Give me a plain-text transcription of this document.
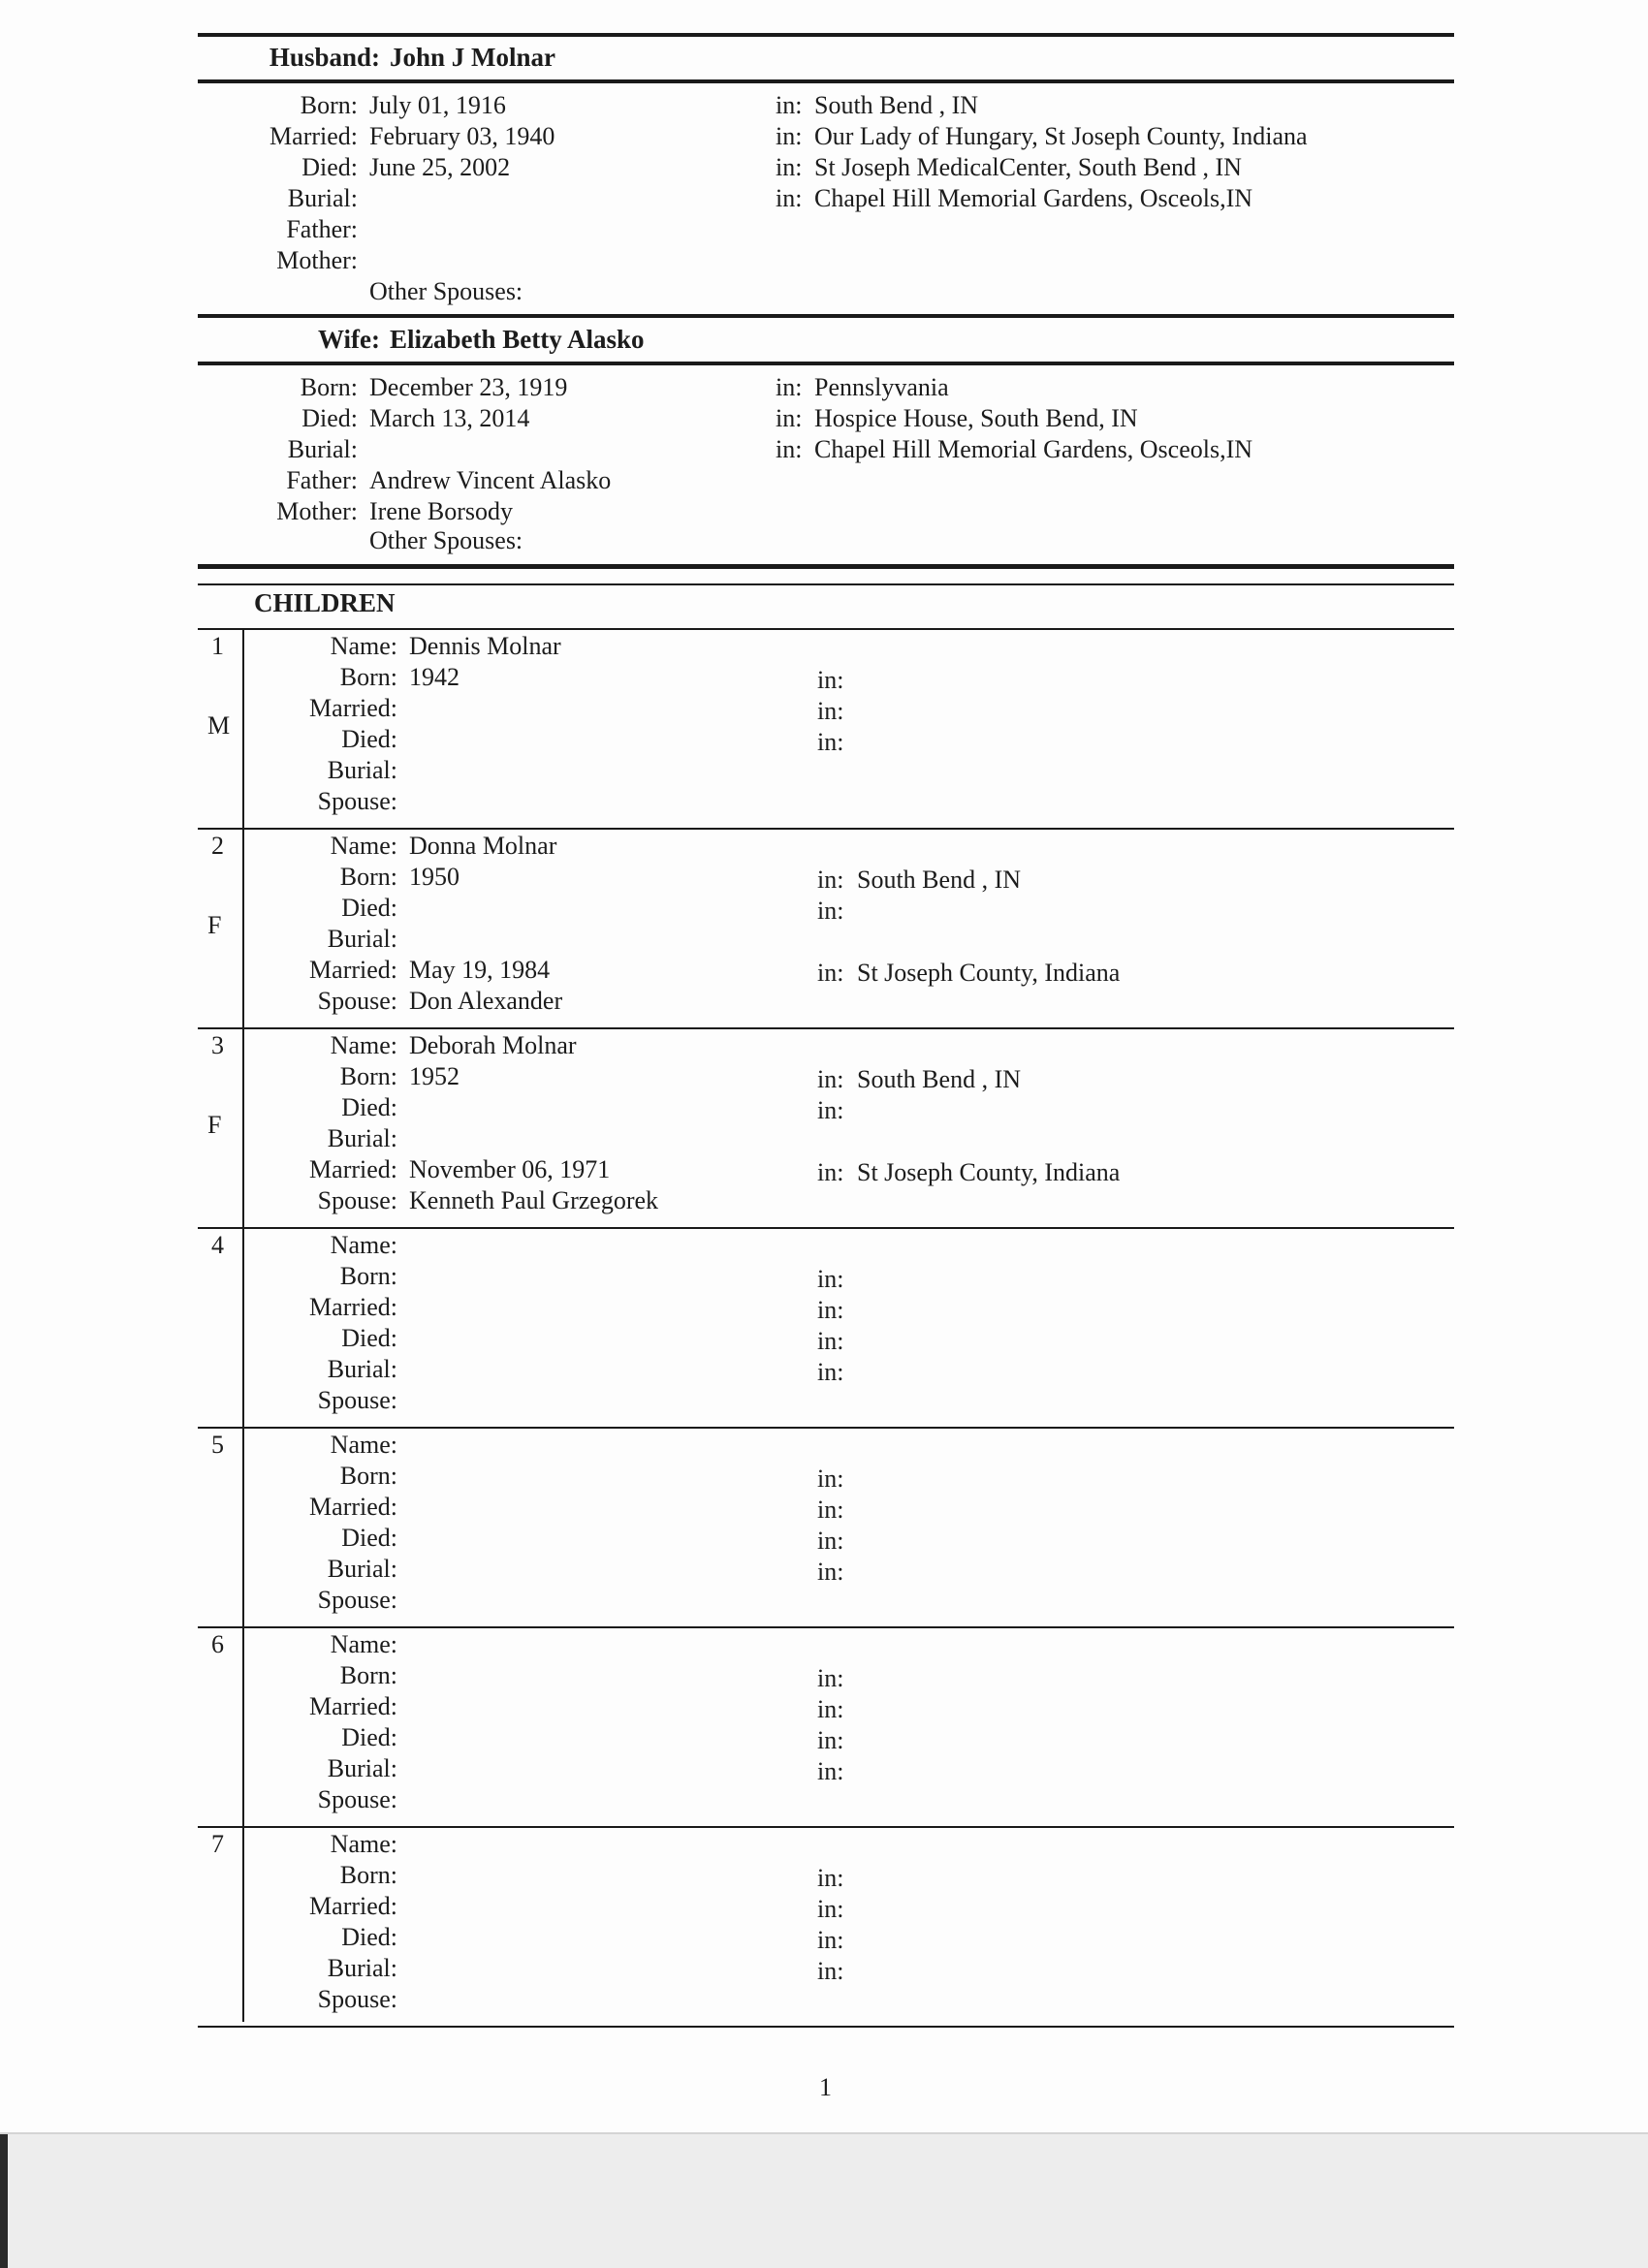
Husband: John J Molnar
Born: July 01, 1916	in: South Bend , IN
Married: February 03, 1940	in: Our Lady of Hungary, St Joseph County, Indiana
Died: June 25, 2002	in: St Joseph MedicalCenter, South Bend , IN
Burial:	in: Chapel Hill Memorial Gardens, Osceols,IN
Father:
Mother:
Other Spouses:
Wife: Elizabeth Betty Alasko
Born: December 23, 1919	in: Pennslyvania
Died: March 13, 2014	in: Hospice House, South Bend, IN
Burial:	in: Chapel Hill Memorial Gardens, Osceols,IN
Father: Andrew Vincent Alasko
Mother: Irene Borsody
Other Spouses:
CHILDREN
1
M
Name: Dennis Molnar
Born: 1942	in:
Married:	in:
Died:	in:
Burial:
Spouse:
2
F
Name: Donna Molnar
Born: 1950	in: South Bend , IN
Died:	in:
Burial:
Married: May 19, 1984	in: St Joseph County, Indiana
Spouse: Don Alexander
3
F
Name: Deborah Molnar
Born: 1952	in: South Bend , IN
Died:	in:
Burial:
Married: November 06, 1971	in: St Joseph County, Indiana
Spouse: Kenneth Paul Grzegorek
4	Name:
Born:	in:
Married:	in:
Died:	in:
Burial:	in:
Spouse:
5	Name:
Born:	in:
Married:	in:
Died:	in:
Burial:	in:
Spouse:
6	Name:
Born:	in:
Married:	in:
Died:	in:
Burial:	in:
Spouse:
7	Name:
Born:	in:
Married:	in:
Died:	in:
Burial:	in:
Spouse:
1
